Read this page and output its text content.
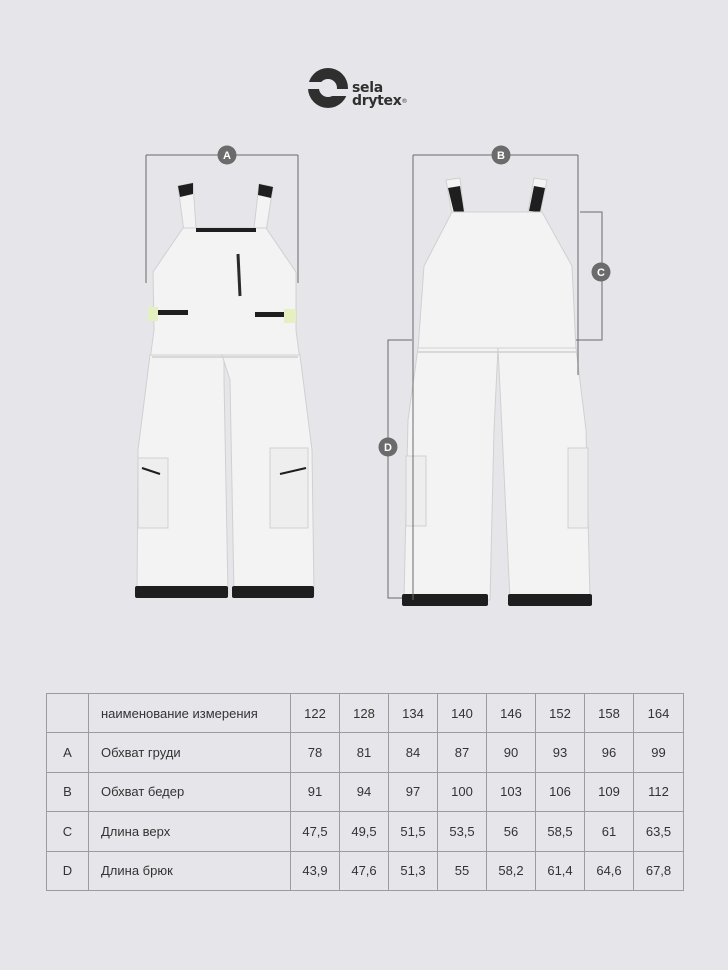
sela
drytex®
A	B
C
D
	наименование измерения	122	128	134	140	146	152	158	164
A	Обхват груди	78	81	84	87	90	93	96	99
B	Обхват бедер	91	94	97	100	103	106	109	112
C	Длина верх	47,5	49,5	51,5	53,5	56	58,5	61	63,5
D	Длина брюк	43,9	47,6	51,3	55	58,2	61,4	64,6	67,8
